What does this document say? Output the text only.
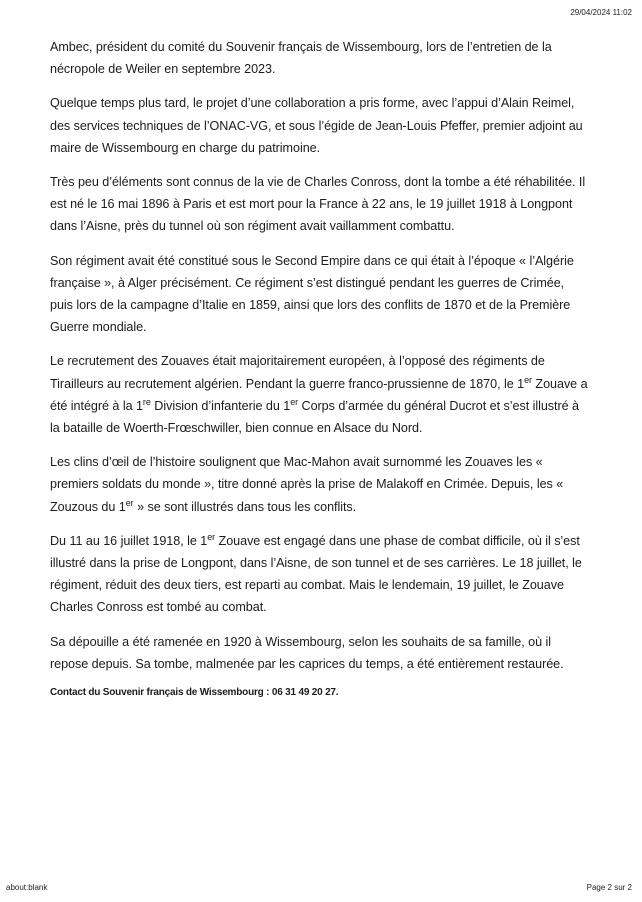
29/04/2024 11:02

Ambec, président du comité du Souvenir français de Wissembourg, lors de l’entretien de la nécropole de Weiler en septembre 2023.

Quelque temps plus tard, le projet d’une collaboration a pris forme, avec l’appui d’Alain Reimel, des services techniques de l’ONAC-VG, et sous l’égide de Jean-Louis Pfeffer, premier adjoint au maire de Wissembourg en charge du patrimoine.

Très peu d’éléments sont connus de la vie de Charles Conross, dont la tombe a été réhabilitée. Il est né le 16 mai 1896 à Paris et est mort pour la France à 22 ans, le 19 juillet 1918 à Longpont dans l’Aisne, près du tunnel où son régiment avait vaillamment combattu.

Son régiment avait été constitué sous le Second Empire dans ce qui était à l’époque « l’Algérie française », à Alger précisément. Ce régiment s’est distingué pendant les guerres de Crimée, puis lors de la campagne d’Italie en 1859, ainsi que lors des conflits de 1870 et de la Première Guerre mondiale.

Le recrutement des Zouaves était majoritairement européen, à l’opposé des régiments de Tirailleurs au recrutement algérien. Pendant la guerre franco-prussienne de 1870, le 1er Zouave a été intégré à la 1re Division d’infanterie du 1er Corps d’armée du général Ducrot et s’est illustré à la bataille de Woerth-Frœschwiller, bien connue en Alsace du Nord.

Les clins d’œil de l’histoire soulignent que Mac-Mahon avait surnommé les Zouaves les « premiers soldats du monde », titre donné après la prise de Malakoff en Crimée. Depuis, les « Zouzous du 1er » se sont illustrés dans tous les conflits.

Du 11 au 16 juillet 1918, le 1er Zouave est engagé dans une phase de combat difficile, où il s’est illustré dans la prise de Longpont, dans l’Aisne, de son tunnel et de ses carrières. Le 18 juillet, le régiment, réduit des deux tiers, est reparti au combat. Mais le lendemain, 19 juillet, le Zouave Charles Conross est tombé au combat.

Sa dépouille a été ramenée en 1920 à Wissembourg, selon les souhaits de sa famille, où il repose depuis. Sa tombe, malmenée par les caprices du temps, a été entièrement restaurée.

Contact du Souvenir français de Wissembourg : 06 31 49 20 27.
about:blank	Page 2 sur 2
